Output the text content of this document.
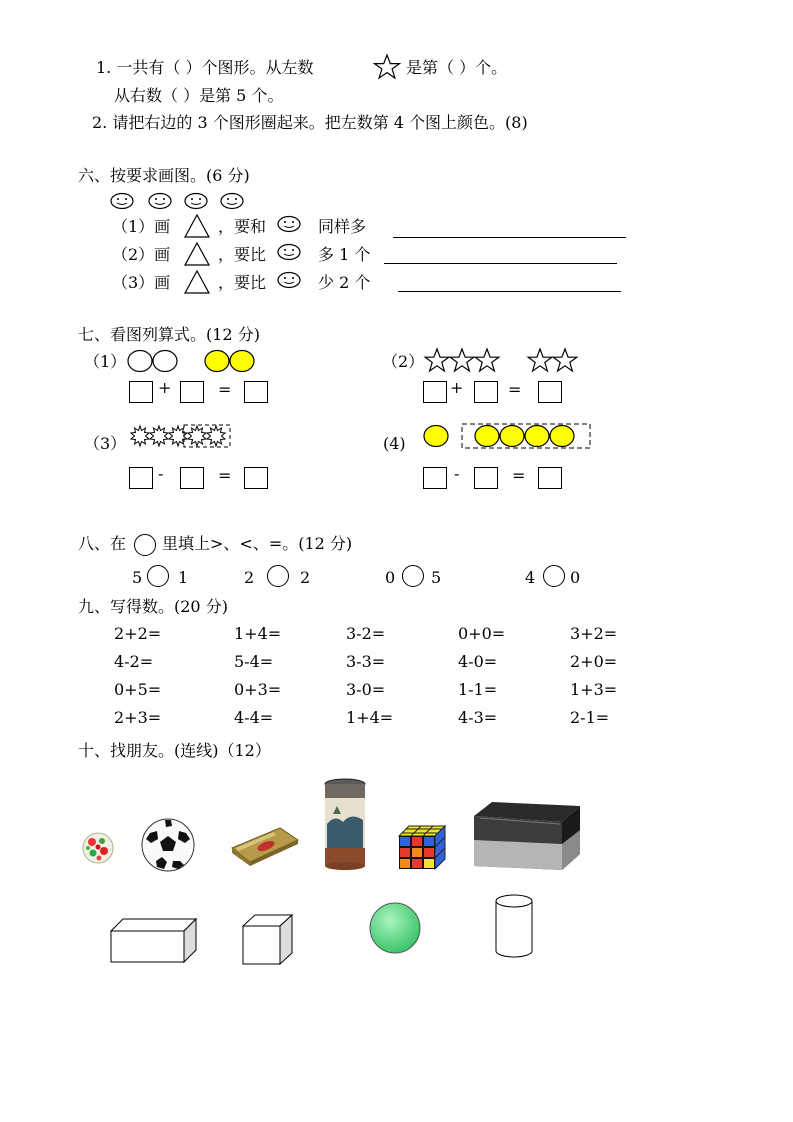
1. 一共有（ ）个图形。从左数	是第（ ）个。
从右数（ ）是第 5 个。
2. 请把右边的 3 个图形圈起来。把左数第 4 个图上颜色。(8)
六、按要求画图。(6 分)
（1）画	，要和	同样多
（2）画	，要比	多 1 个
（3）画	，要比	少 2 个
七、看图列算式。(12 分)
（1）
+	=
（2）
+	=
（3）
-	=
(4)
-	=
八、在 里填上>、<、=。(12 分)
5 1	2	2	0 5	4 0
九、写得数。(20 分)
2+2=	1+4=	3-2=	0+0=	3+2=
4-2=	5-4=	3-3=	4-0=	2+0=
0+5=	0+3=	3-0=	1-1=	1+3=
2+3=	4-4=	1+4=	4-3=	2-1=
十、找朋友。(连线)（12）
